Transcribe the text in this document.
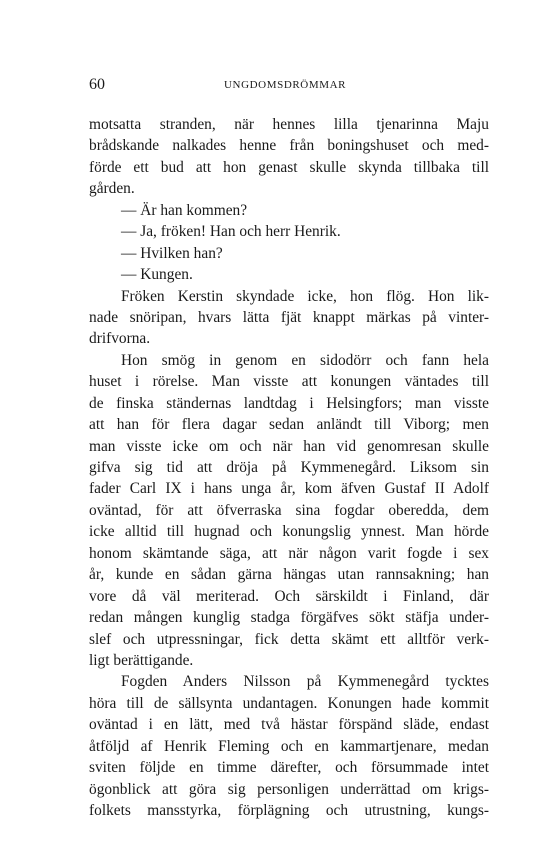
60	UNGDOMSDRÖMMAR
motsatta stranden, när hennes lilla tjenarinna Maju
brådskande nalkades henne från boningshuset och med-
förde ett bud att hon genast skulle skynda tillbaka till
gården.
— Är han kommen?
— Ja, fröken! Han och herr Henrik.
— Hvilken han?
— Kungen.
Fröken Kerstin skyndade icke, hon flög. Hon lik-
nade snöripan, hvars lätta fjät knappt märkas på vinter-
drifvorna.
Hon smög in genom en sidodörr och fann hela
huset i rörelse. Man visste att konungen väntades till
de finska ständernas landtdag i Helsingfors; man visste
att han för flera dagar sedan anländt till Viborg; men
man visste icke om och när han vid genomresan skulle
gifva sig tid att dröja på Kymmenegård. Liksom sin
fader Carl IX i hans unga år, kom äfven Gustaf II Adolf
oväntad, för att öfverraska sina fogdar oberedda, dem
icke alltid till hugnad och konungslig ynnest. Man hörde
honom skämtande säga, att när någon varit fogde i sex
år, kunde en sådan gärna hängas utan rannsakning; han
vore då väl meriterad. Och särskildt i Finland, där
redan mången kunglig stadga förgäfves sökt stäfja under-
slef och utpressningar, fick detta skämt ett alltför verk-
ligt berättigande.
Fogden Anders Nilsson på Kymmenegård tycktes
höra till de sällsynta undantagen. Konungen hade kommit
oväntad i en lätt, med två hästar förspänd släde, endast
åtföljd af Henrik Fleming och en kammartjenare, medan
sviten följde en timme därefter, och försummade intet
ögonblick att göra sig personligen underrättad om krigs-
folkets mansstyrka, förplägning och utrustning, kungs-
